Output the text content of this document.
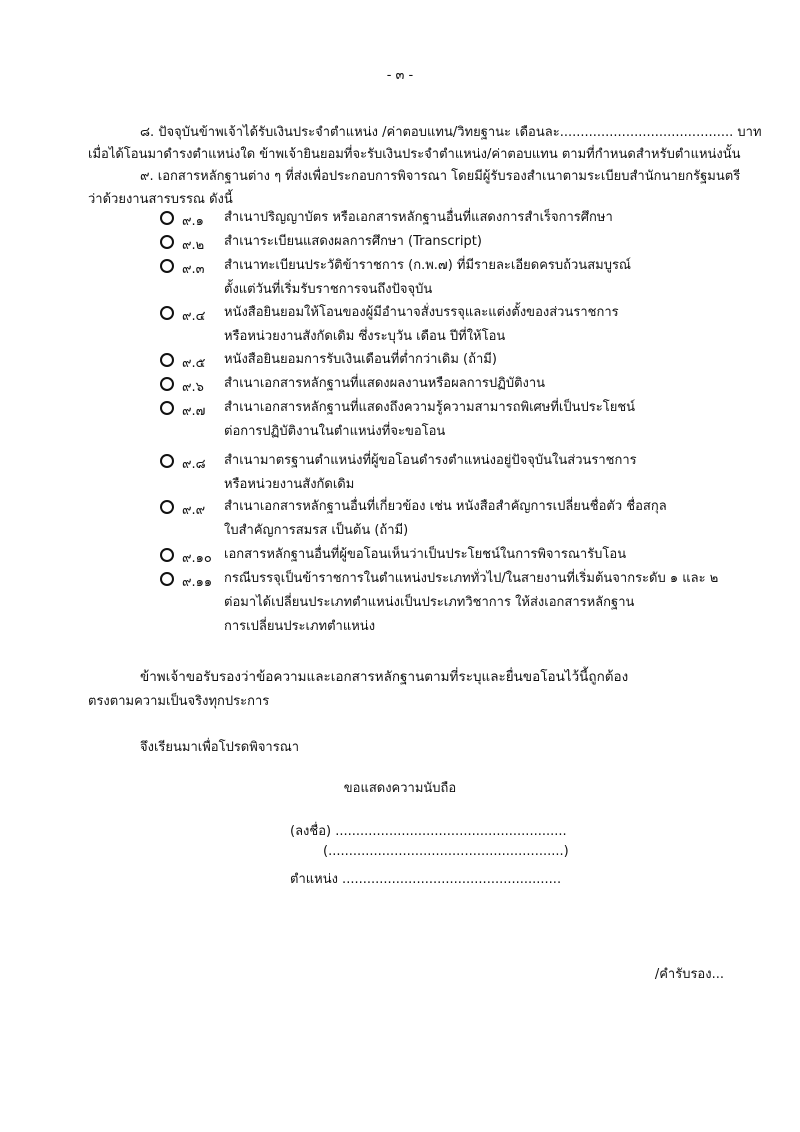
- ๓ -
๘. ปัจจุบันข้าพเจ้าได้รับเงินประจำตำแหน่ง /ค่าตอบแทน/วิทยฐานะ เดือนละ.......................................... บาท
เมื่อได้โอนมาดำรงตำแหน่งใด ข้าพเจ้ายินยอมที่จะรับเงินประจำตำแหน่ง/ค่าตอบแทน ตามที่กำหนดสำหรับตำแหน่งนั้น
๙. เอกสารหลักฐานต่าง ๆ ที่ส่งเพื่อประกอบการพิจารณา โดยมีผู้รับรองสำเนาตามระเบียบสำนักนายกรัฐมนตรี
ว่าด้วยงานสารบรรณ ดังนี้
๙.๑ สำเนาปริญญาบัตร หรือเอกสารหลักฐานอื่นที่แสดงการสำเร็จการศึกษา
๙.๒ สำเนาระเบียนแสดงผลการศึกษา (Transcript)
๙.๓ สำเนาทะเบียนประวัติข้าราชการ (ก.พ.๗) ที่มีรายละเอียดครบถ้วนสมบูรณ์
ตั้งแต่วันที่เริ่มรับราชการจนถึงปัจจุบัน
๙.๔ หนังสือยินยอมให้โอนของผู้มีอำนาจสั่งบรรจุและแต่งตั้งของส่วนราชการ
หรือหน่วยงานสังกัดเดิม ซึ่งระบุวัน เดือน ปีที่ให้โอน
๙.๕ หนังสือยินยอมการรับเงินเดือนที่ต่ำกว่าเดิม (ถ้ามี)
๙.๖ สำเนาเอกสารหลักฐานที่แสดงผลงานหรือผลการปฏิบัติงาน
๙.๗ สำเนาเอกสารหลักฐานที่แสดงถึงความรู้ความสามารถพิเศษที่เป็นประโยชน์
ต่อการปฏิบัติงานในตำแหน่งที่จะขอโอน
๙.๘ สำเนามาตรฐานตำแหน่งที่ผู้ขอโอนดำรงตำแหน่งอยู่ปัจจุบันในส่วนราชการ
หรือหน่วยงานสังกัดเดิม
๙.๙ สำเนาเอกสารหลักฐานอื่นที่เกี่ยวข้อง เช่น หนังสือสำคัญการเปลี่ยนชื่อตัว ชื่อสกุล
ใบสำคัญการสมรส เป็นต้น (ถ้ามี)
๙.๑๐ เอกสารหลักฐานอื่นที่ผู้ขอโอนเห็นว่าเป็นประโยชน์ในการพิจารณารับโอน
๙.๑๑ กรณีบรรจุเป็นข้าราชการในตำแหน่งประเภททั่วไป/ในสายงานที่เริ่มต้นจากระดับ ๑ และ ๒
ต่อมาได้เปลี่ยนประเภทตำแหน่งเป็นประเภทวิชาการ ให้ส่งเอกสารหลักฐาน
การเปลี่ยนประเภทตำแหน่ง
ข้าพเจ้าขอรับรองว่าข้อความและเอกสารหลักฐานตามที่ระบุและยื่นขอโอนไว้นี้ถูกต้อง
ตรงตามความเป็นจริงทุกประการ
จึงเรียนมาเพื่อโปรดพิจารณา
ขอแสดงความนับถือ
(ลงชื่อ) ........................................................
(.........................................................)
ตำแหน่ง .....................................................
/คำรับรอง...
